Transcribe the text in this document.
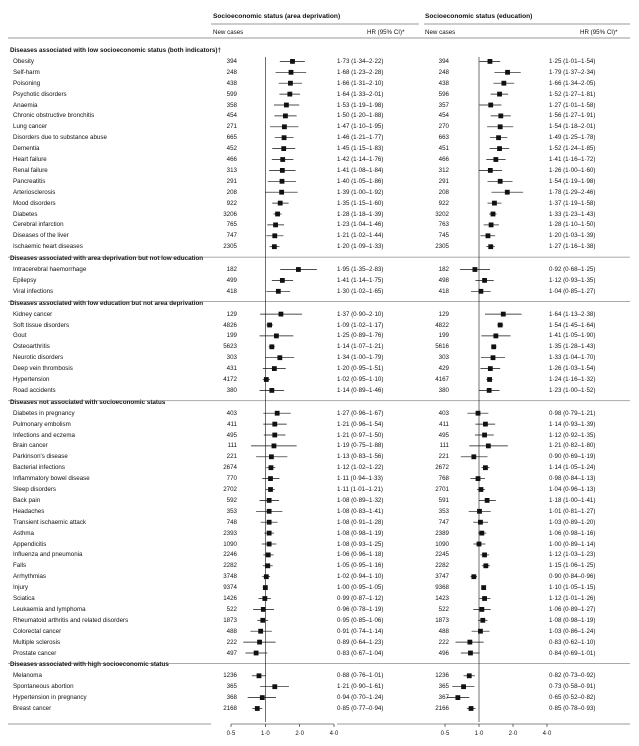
Socioeconomic status (area deprivation)	Socioeconomic status (education)
New cases	HR (95% CI)*	New cases	HR (95% CI)*
Diseases associated with low socioeconomic status (both indicators)†
Obesity	394	1·73 (1·34–2·22)	394	1·25 (1·01–1·54)
Self-harm	248	1·68 (1·23–2·28)	248	1·79 (1·37–2·34)
Poisoning	438	1·66 (1·31–2·10)	438	1·66 (1·34–2·05)
Psychotic disorders	599	1·64 (1·33–2·01)	596	1·52 (1·27–1·81)
Anaemia	358	1·53 (1·19–1·98)	357	1·27 (1·01–1·58)
Chronic obstructive bronchitis	454	1·50 (1·20–1·88)	454	1·56 (1·27–1·91)
Lung cancer	271	1·47 (1·10–1·95)	270	1·54 (1·18–2·01)
Disorders due to substance abuse	665	1·46 (1·21–1·77)	663	1·49 (1·25–1·78)
Dementia	452	1·45 (1·15–1·83)	451	1·52 (1·24–1·85)
Heart failure	466	1·42 (1·14–1·76)	466	1·41 (1·16–1·72)
Renal failure	313	1·41 (1·08–1·84)	312	1·26 (1·00–1·60)
Pancreatitis	291	1·40 (1·05–1·86)	291	1·54 (1·19–1·98)
Arteriosclerosis	208	1·39 (1·00–1·92)	208	1·78 (1·29–2·46)
Mood disorders	922	1·35 (1·15–1·60)	922	1·37 (1·19–1·58)
Diabetes	3206	1·28 (1·18–1·39)	3202	1·33 (1·23–1·43)
Cerebral infarction	765	1·23 (1·04–1·46)	763	1·28 (1·10–1·50)
Diseases of the liver	747	1·21 (1·02–1·44)	745	1·20 (1·03–1·39)
Ischaemic heart diseases	2305	1·20 (1·09–1·33)	2305	1·27 (1·16–1·38)
Diseases associated with area deprivation but not low education
Intracerebral haemorrhage	182	1·95 (1·35–2·83)	182	0·92 (0·68–1·25)
Epilepsy	499	1·41 (1·14–1·75)	498	1·12 (0·93–1·35)
Viral infections	418	1·30 (1·02–1·65)	418	1·04 (0·85–1·27)
Diseases associated with low education but not area deprivation
Kidney cancer	129	1·37 (0·90–2·10)	129	1·64 (1·13–2·38)
Soft tissue disorders	4826	1·09 (1·02–1·17)	4822	1·54 (1·45–1·64)
Gout	199	1·25 (0·89–1·76)	199	1·41 (1·05–1·90)
Osteoarthritis	5623	1·14 (1·07–1·21)	5616	1·35 (1·28–1·43)
Neurotic disorders	303	1·34 (1·00–1·79)	303	1·33 (1·04–1·70)
Deep vein thrombosis	431	1·20 (0·95–1·51)	429	1·26 (1·03–1·54)
Hypertension	4172	1·02 (0·95–1·10)	4167	1·24 (1·16–1·32)
Road accidents	380	1·14 (0·89–1·46)	380	1·23 (1·00–1·52)
Diseases not associated with socioeconomic status
Diabetes in pregnancy	403	1·27 (0·96–1·67)	403	0·98 (0·79–1·21)
Pulmonary embolism	411	1·21 (0·96–1·54)	411	1·14 (0·93–1·39)
Infections and eczema	495	1·21 (0·97–1·50)	495	1·12 (0·92–1·35)
Brain cancer	111	1·19 (0·75–1·88)	111	1·21 (0·82–1·80)
Parkinson's disease	221	1·13 (0·83–1·56)	221	0·90 (0·69–1·19)
Bacterial infections	2674	1·12 (1·02–1·22)	2672	1·14 (1·05–1·24)
Inflammatory bowel disease	770	1·11 (0·94–1·33)	768	0·98 (0·84–1·13)
Sleep disorders	2702	1·11 (1·01–1·21)	2701	1·04 (0·96–1·13)
Back pain	592	1·08 (0·89–1·32)	591	1·18 (1·00–1·41)
Headaches	353	1·08 (0·83–1·41)	353	1·01 (0·81–1·27)
Transient ischaemic attack	748	1·08 (0·91–1·28)	747	1·03 (0·89–1·20)
Asthma	2393	1·08 (0·98–1·19)	2389	1·06 (0·98–1·16)
Appendicitis	1090	1·08 (0·93–1·25)	1090	1·00 (0·89–1·14)
Influenza and pneumonia	2246	1·06 (0·96–1·18)	2245	1·12 (1·03–1·23)
Falls	2282	1·05 (0·95–1·16)	2282	1·15 (1·06–1·25)
Arrhythmias	3748	1·02 (0·94–1·10)	3747	0·90 (0·84–0·96)
Injury	9374	1·00 (0·95–1·05)	9368	1·10 (1·05–1·15)
Sciatica	1426	0·99 (0·87–1·12)	1423	1·12 (1·01–1·26)
Leukaemia and lymphoma	522	0·96 (0·78–1·19)	522	1·06 (0·89–1·27)
Rheumatoid arthritis and related disorders	1873	0·95 (0·85–1·06)	1873	1·08 (0·98–1·19)
Colorectal cancer	488	0·91 (0·74–1·14)	488	1·03 (0·86–1·24)
Multiple sclerosis	222	0·89 (0·64–1·23)	222	0·83 (0·62–1·10)
Prostate cancer	497	0·83 (0·67–1·04)	496	0·84 (0·69–1·01)
Diseases associated with high socioeconomic status
Melanoma	1236	0·88 (0·76–1·01)	1236	0·82 (0·73–0·92)
Spontaneous abortion	365	1·21 (0·90–1·61)	365	0·73 (0·58–0·91)
Hypertension in pregnancy	368	0·94 (0·70–1·24)	367	0·65 (0·52–0·82)
Breast cancer	2168	0·85 (0·77–0·94)	2166	0·85 (0·78–0·93)
0·5	1·0	2·0	4·0	0·5	1·0	2·0	4·0
